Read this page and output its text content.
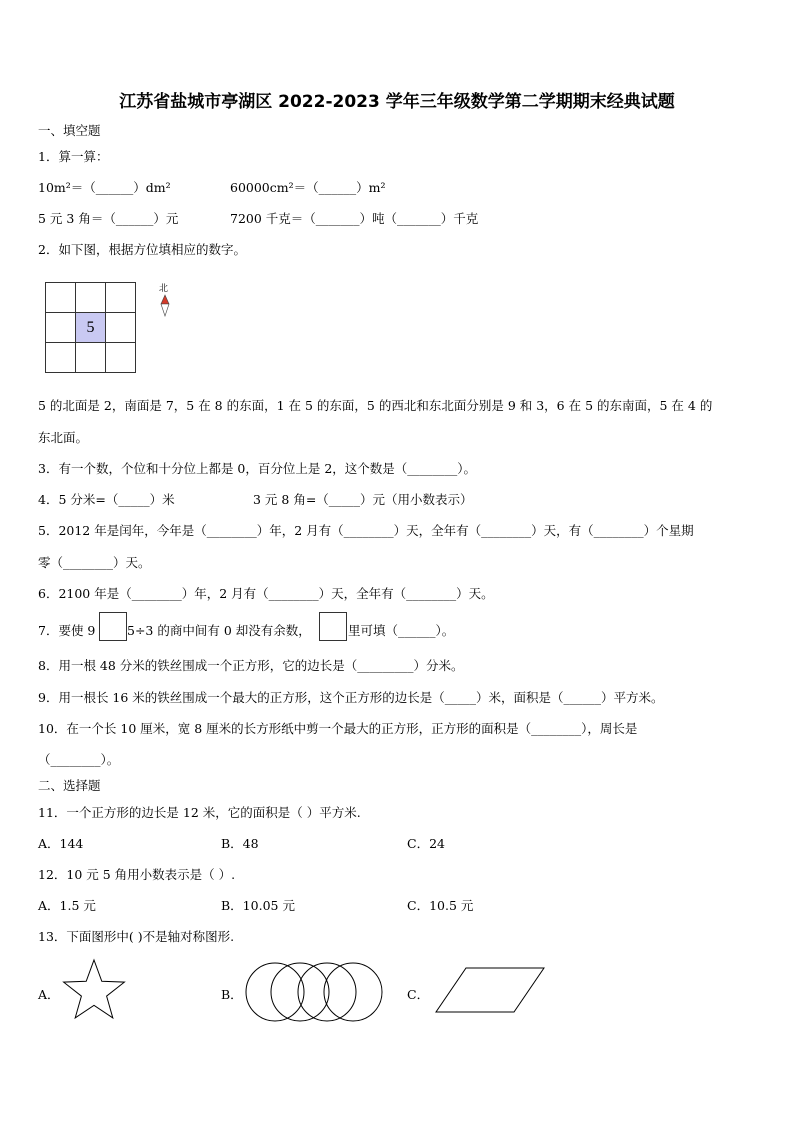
江苏省盐城市亭湖区 2022-2023 学年三年级数学第二学期期末经典试题
一、填空题
1．算一算：
10m²＝（______）dm²	60000cm²＝（______）m²
5 元 3 角＝（______）元	7200 千克＝（_______）吨（_______）千克
2．如下图，根据方位填相应的数字。

	5	

北
5 的北面是 2，南面是 7，5 在 8 的东面，1 在 5 的东面，5 的西北和东北面分别是 9 和 3，6 在 5 的东南面，5 在 4 的
东北面。
3．有一个数，个位和十分位上都是 0，百分位上是 2，这个数是（________）。
4．5 分米=（_____）米	3 元 8 角=（_____）元（用小数表示）
5．2012 年是闰年，今年是（________）年，2 月有（________）天，全年有（________）天，有（________）个星期
零（________）天。
6．2100 年是（________）年，2 月有（________）天，全年有（________）天。
7．要使 9	5÷3 的商中间有 0 却没有余数，	里可填（______）。
8．用一根 48 分米的铁丝围成一个正方形，它的边长是（_________）分米。
9．用一根长 16 米的铁丝围成一个最大的正方形，这个正方形的边长是（_____）米，面积是（______）平方米。
10．在一个长 10 厘米，宽 8 厘米的长方形纸中剪一个最大的正方形，正方形的面积是（________），周长是
（________）。
二、选择题
11．一个正方形的边长是 12 米，它的面积是（ ）平方米.
A．144	B．48	C．24
12．10 元 5 角用小数表示是（ ）.
A．1.5 元	B．10.05 元	C．10.5 元
13．下面图形中( )不是轴对称图形.
A．	B．	C．
